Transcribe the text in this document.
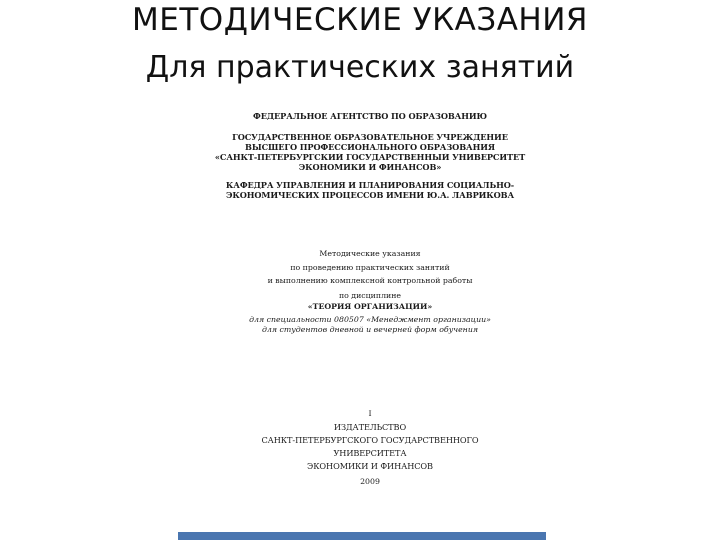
МЕТОДИЧЕСКИЕ УКАЗАНИЯ
Для практических занятий
ФЕДЕРАЛЬНОЕ АГЕНТСТВО ПО ОБРАЗОВАНИЮ
ГОСУДАРСТВЕННОЕ ОБРАЗОВАТЕЛЬНОЕ УЧРЕЖДЕНИЕ
ВЫСШЕГО ПРОФЕССИОНАЛЬНОГО ОБРАЗОВАНИЯ
«САНКТ-ПЕТЕРБУРГСКИЙ ГОСУДАРСТВЕННЫЙ УНИВЕРСИТЕТ
ЭКОНОМИКИ И ФИНАНСОВ»
КАФЕДРА УПРАВЛЕНИЯ И ПЛАНИРОВАНИЯ СОЦИАЛЬНО-
ЭКОНОМИЧЕСКИХ ПРОЦЕССОВ ИМЕНИ Ю.А. ЛАВРИКОВА
Методические указания
по проведению практических занятий
и выполнению комплексной контрольной работы
по дисциплине
«ТЕОРИЯ ОРГАНИЗАЦИИ»
для специальности 080507 «Менеджмент организации»
для студентов дневной и вечерней форм обучения
I
ИЗДАТЕЛЬСТВО
САНКТ-ПЕТЕРБУРГСКОГО ГОСУДАРСТВЕННОГО
УНИВЕРСИТЕТА
ЭКОНОМИКИ И ФИНАНСОВ
2009
